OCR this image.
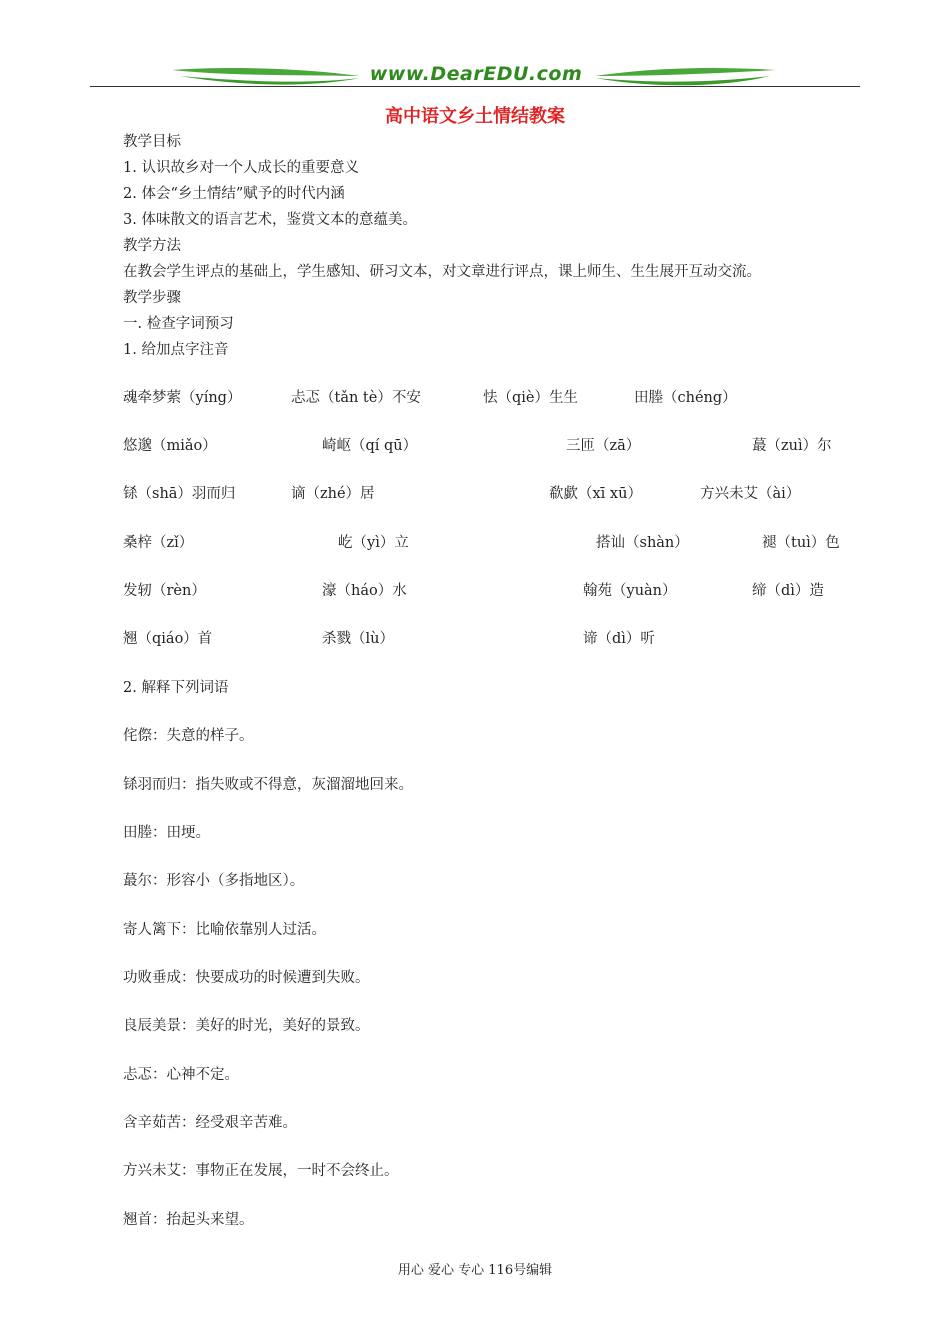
www.DearEDU.com
高中语文乡土情结教案
教学目标
1. 认识故乡对一个人成长的重要意义
2. 体会“乡土情结”赋予的时代内涵
3. 体味散文的语言艺术，鉴赏文本的意蕴美。
教学方法
在教会学生评点的基础上，学生感知、研习文本，对文章进行评点，课上师生、生生展开互动交流。
教学步骤
一. 检查字词预习
1. 给加点字注音
魂牵梦萦（yíng）	忐忑（tǎn tè）不安	怯（qiè）生生	田塍（chéng）
悠邈（miǎo）	崎岖（qí qū）	三匝（zā）	蕞（zuì）尔
铩（shā）羽而归	谪（zhé）居	欷歔（xī xū）	方兴未艾（ài）
桑梓（zǐ）	屹（yì）立	搭讪（shàn）	褪（tuì）色
发轫（rèn）	濠（háo）水	翰苑（yuàn）	缔（dì）造
翘（qiáo）首	杀戮（lù）	谛（dì）听
2. 解释下列词语
侘傺：失意的样子。
铩羽而归：指失败或不得意，灰溜溜地回来。
田塍：田埂。
蕞尔：形容小（多指地区）。
寄人篱下：比喻依靠别人过活。
功败垂成：快要成功的时候遭到失败。
良辰美景：美好的时光，美好的景致。
忐忑：心神不定。
含辛茹苦：经受艰辛苦难。
方兴未艾：事物正在发展，一时不会终止。
翘首：抬起头来望。
用心 爱心 专心 116号编辑
